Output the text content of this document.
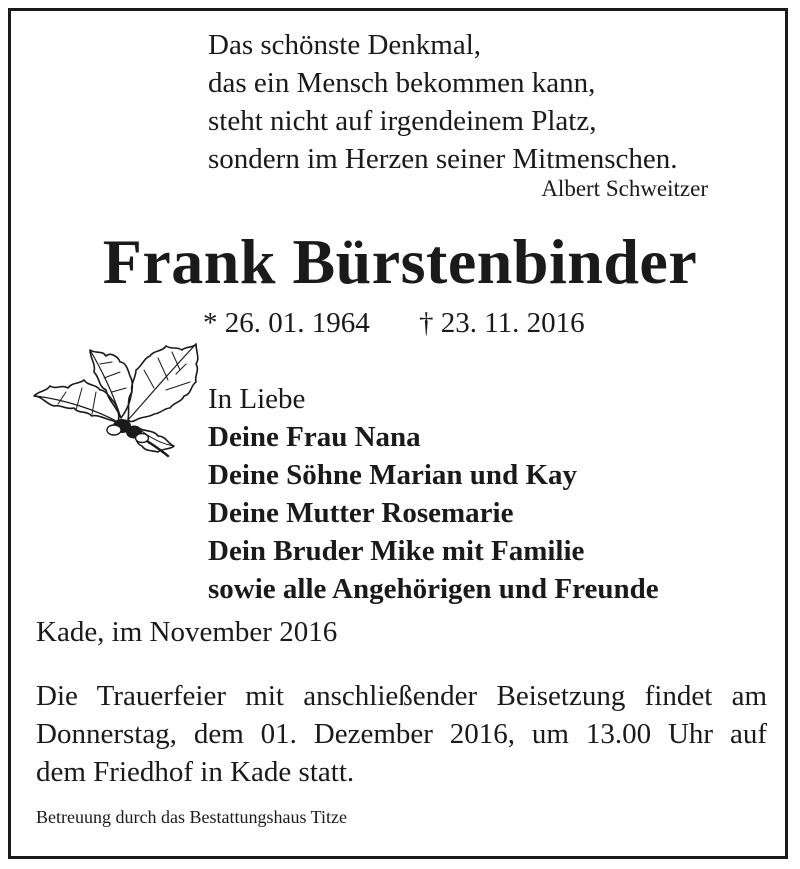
Das schönste Denkmal,
das ein Mensch bekommen kann,
steht nicht auf irgendeinem Platz,
sondern im Herzen seiner Mitmenschen.
Albert Schweitzer
Frank Bürstenbinder
* 26. 01. 1964 † 23. 11. 2016
In Liebe
Deine Frau Nana
Deine Söhne Marian und Kay
Deine Mutter Rosemarie
Dein Bruder Mike mit Familie
sowie alle Angehörigen und Freunde
Kade, im November 2016
Die Trauerfeier mit anschließender Beisetzung findet am
Donnerstag, dem 01. Dezember 2016, um 13.00 Uhr auf
dem Friedhof in Kade statt.
Betreuung durch das Bestattungshaus Titze
